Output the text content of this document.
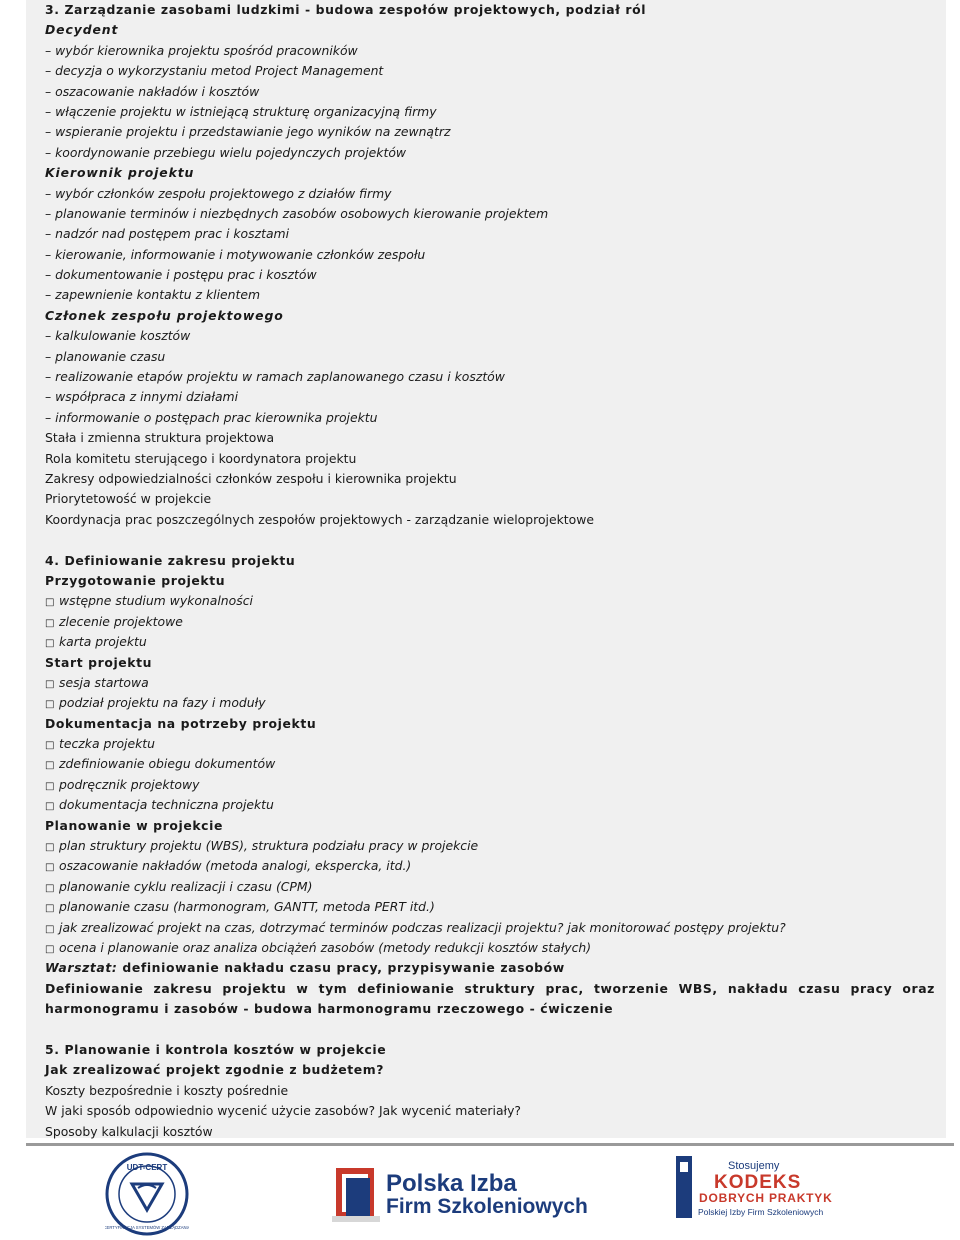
3. Zarządzanie zasobami ludzkimi - budowa zespołów projektowych, podział ról
Decydent
– wybór kierownika projektu spośród pracowników
– decyzja o wykorzystaniu metod Project Management
– oszacowanie nakładów i kosztów
– włączenie projektu w istniejącą strukturę organizacyjną firmy
– wspieranie projektu i przedstawianie jego wyników na zewnątrz
– koordynowanie przebiegu wielu pojedynczych projektów
Kierownik projektu
– wybór członków zespołu projektowego z działów firmy
– planowanie terminów i niezbędnych zasobów osobowych kierowanie projektem
– nadzór nad postępem prac i kosztami
– kierowanie, informowanie i motywowanie członków zespołu
– dokumentowanie i postępu prac i kosztów
– zapewnienie kontaktu z klientem
Członek zespołu projektowego
– kalkulowanie kosztów
– planowanie czasu
– realizowanie etapów projektu w ramach zaplanowanego czasu i kosztów
– współpraca z innymi działami
– informowanie o postępach prac kierownika projektu
Stała i zmienna struktura projektowa
Rola komitetu sterującego i koordynatora projektu
Zakresy odpowiedzialności członków zespołu i kierownika projektu
Priorytetowość w projekcie
Koordynacja prac poszczególnych zespołów projektowych - zarządzanie wieloprojektowe
4. Definiowanie zakresu projektu
Przygotowanie projektu
□ wstępne studium wykonalności
□ zlecenie projektowe
□ karta projektu
Start projektu
□ sesja startowa
□ podział projektu na fazy i moduły
Dokumentacja na potrzeby projektu
□ teczka projektu
□ zdefiniowanie obiegu dokumentów
□ podręcznik projektowy
□ dokumentacja techniczna projektu
Planowanie w projekcie
□ plan struktury projektu (WBS), struktura podziału pracy w projekcie
□ oszacowanie nakładów (metoda analogi, ekspercka, itd.)
□ planowanie cyklu realizacji i czasu (CPM)
□ planowanie czasu (harmonogram, GANTT, metoda PERT itd.)
□ jak zrealizować projekt na czas, dotrzymać terminów podczas realizacji projektu? jak monitorować postępy projektu?
□ ocena i planowanie oraz analiza obciążeń zasobów (metody redukcji kosztów stałych)
Warsztat: definiowanie nakładu czasu pracy, przypisywanie zasobów
Definiowanie zakresu projektu w tym definiowanie struktury prac, tworzenie WBS, nakładu czasu pracy oraz harmonogramu i zasobów - budowa harmonogramu rzeczowego - ćwiczenie
5. Planowanie i kontrola kosztów w projekcie
Jak zrealizować projekt zgodnie z budżetem?
Koszty bezpośrednie i koszty pośrednie
W jaki sposób odpowiednio wycenić użycie zasobów? Jak wycenić materiały?
Sposoby kalkulacji kosztów
UDT-CERT
CERTYFIKACJA SYSTEMÓW ZARZĄDZANIA
Polska Izba
Firm Szkoleniowych
Stosujemy
KODEKS
DOBRYCH PRAKTYK
Polskiej Izby Firm Szkoleniowych
